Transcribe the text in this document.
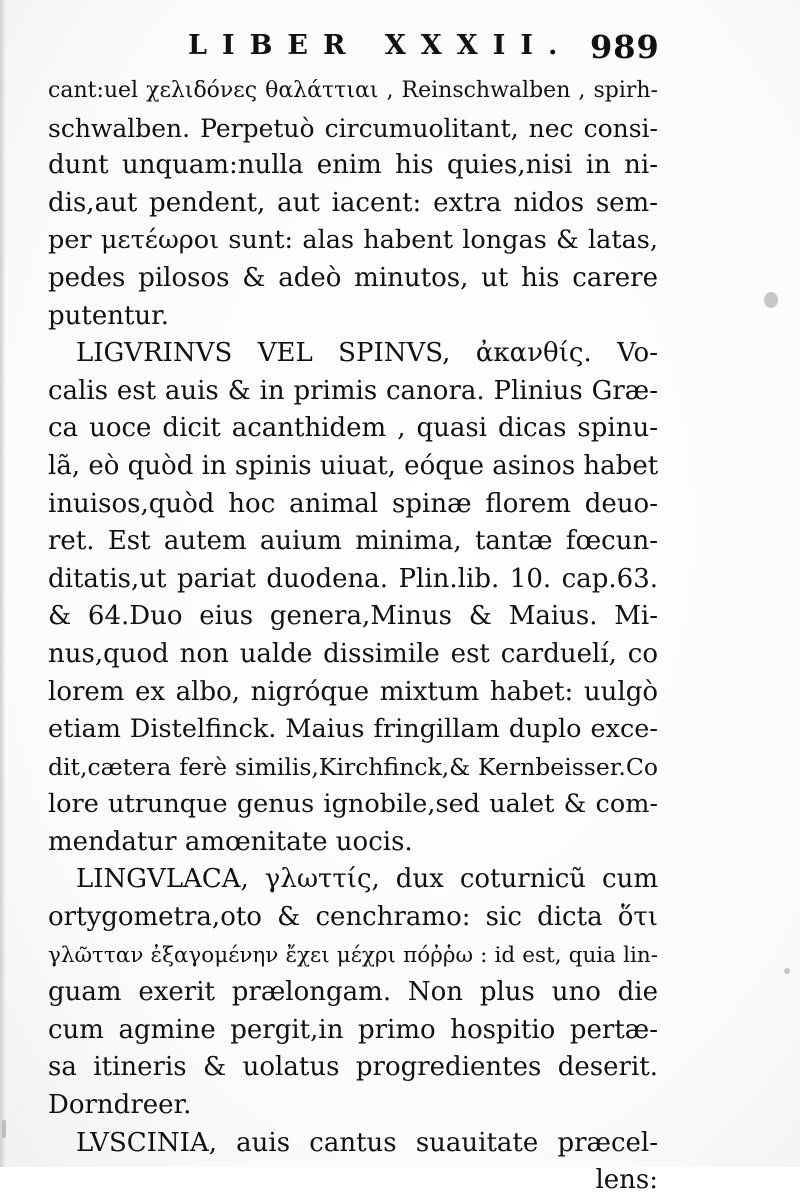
LIBER XXXII. 989
cant:uel χελιδόνες θαλάττιαι , Reinschwalben , spirh-
schwalben. Perpetuò circumuolitant, nec consi-
dunt unquam:nulla enim his quies,nisi in ni-
dis,aut pendent, aut iacent: extra nidos sem-
per μετέωροι sunt: alas habent longas & latas,
pedes pilosos & adeò minutos, ut his carere
putentur.
LIGVRINVS VEL SPINVS, ἀκανθίς. Vo-
calis est auis & in primis canora. Plinius Græ-
ca uoce dicit acanthidem , quasi dicas spinu-
lã, eò quòd in spinis uiuat, eóque asinos habet
inuisos,quòd hoc animal spinæ florem deuo-
ret. Est autem auium minima, tantæ fœcun-
ditatis,ut pariat duodena. Plin.lib. 10. cap.63.
& 64.Duo eius genera,Minus & Maius. Mi-
nus,quod non ualde dissimile est carduelí, co
lorem ex albo, nigróque mixtum habet: uulgò
etiam Distelfinck. Maius fringillam duplo exce-
dit,cætera ferè similis,Kirchfinck,& Kernbeisser.Co
lore utrunque genus ignobile,sed ualet & com-
mendatur amœnitate uocis.
LINGVLACA, γλωττίς, dux coturnicũ cum
ortygometra,oto & cenchramo: sic dicta ὅτι
γλῶτταν ἐξαγομένην ἔχει μέχρι πόῤῥω : id est, quia lin-
guam exerit prælongam. Non plus uno die
cum agmine pergit,in primo hospitio pertæ-
sa itineris & uolatus progredientes deserit.
Dorndreer.
LVSCINIA, auis cantus suauitate præcel-
lens:
